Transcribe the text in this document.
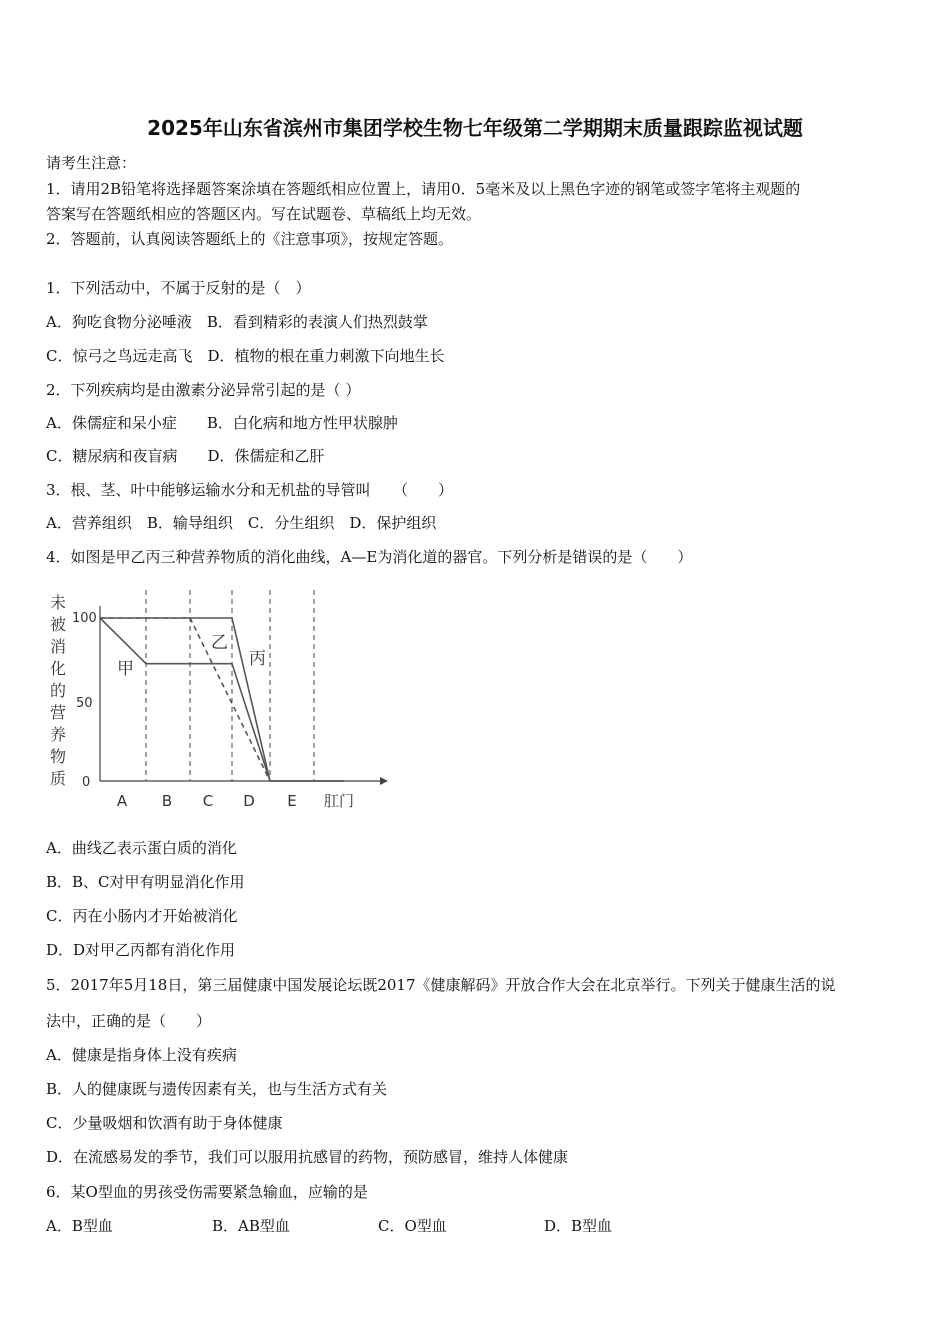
2025年山东省滨州市集团学校生物七年级第二学期期末质量跟踪监视试题
请考生注意：
1．请用2B铅笔将选择题答案涂填在答题纸相应位置上，请用0．5毫米及以上黑色字迹的钢笔或签字笔将主观题的
答案写在答题纸相应的答题区内。写在试题卷、草稿纸上均无效。
2．答题前，认真阅读答题纸上的《注意事项》，按规定答题。
1．下列活动中，不属于反射的是（　）
A．狗吃食物分泌唾液　B．看到精彩的表演人们热烈鼓掌
C．惊弓之鸟远走高飞　D．植物的根在重力刺激下向地生长
2．下列疾病均是由激素分泌异常引起的是（ ）
A．侏儒症和呆小症　　B．白化病和地方性甲状腺肿
C．糖尿病和夜盲病　　D．侏儒症和乙肝
3．根、茎、叶中能够运输水分和无机盐的导管叫　　（　　）
A．营养组织　B．输导组织　C．分生组织　D．保护组织
4．如图是甲乙丙三种营养物质的消化曲线，A—E为消化道的器官。下列分析是错误的是（　　）
未被消化的营养物质
100
50
0
A B C D E 肛门
甲
乙
丙
A．曲线乙表示蛋白质的消化
B．B、C对甲有明显消化作用
C．丙在小肠内才开始被消化
D．D对甲乙丙都有消化作用
5．2017年5月18日，第三届健康中国发展论坛既2017《健康解码》开放合作大会在北京举行。下列关于健康生活的说
法中，正确的是（　　）
A．健康是指身体上没有疾病
B．人的健康既与遗传因素有关，也与生活方式有关
C．少量吸烟和饮酒有助于身体健康
D．在流感易发的季节，我们可以服用抗感冒的药物，预防感冒，维持人体健康
6．某O型血的男孩受伤需要紧急输血，应输的是
A．B型血	B．AB型血	C．O型血	D．B型血
